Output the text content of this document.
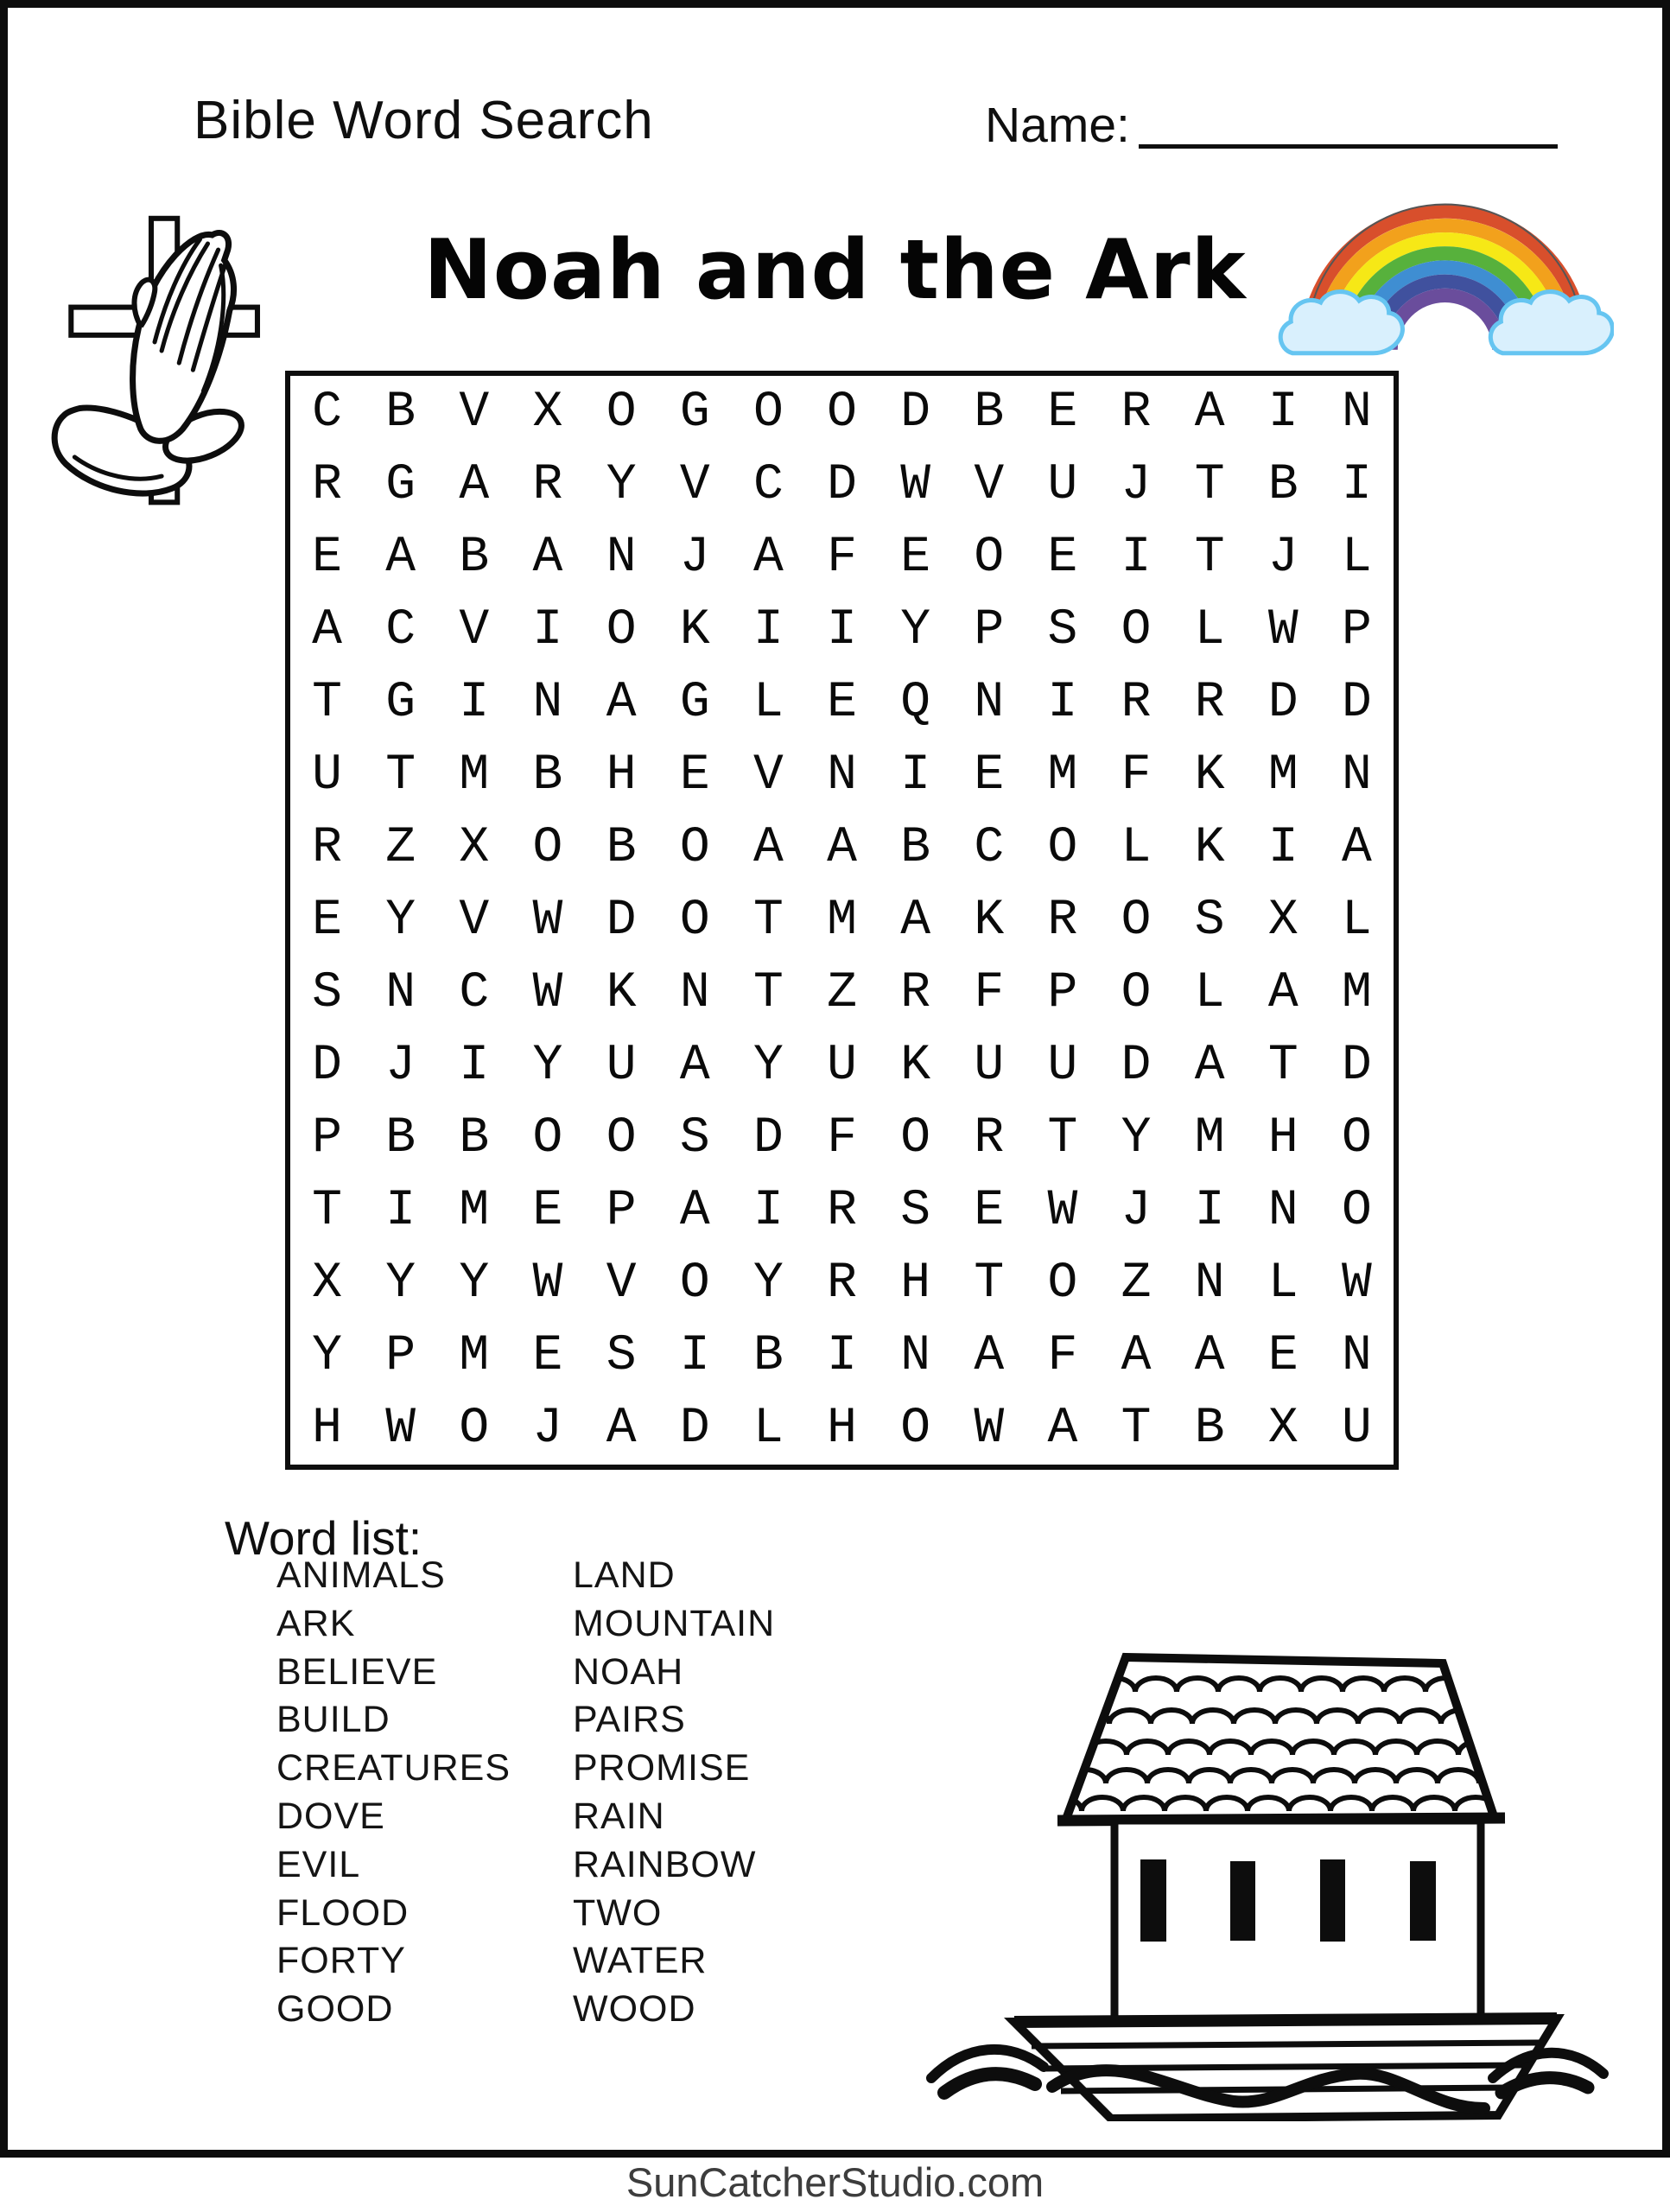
Bible Word Search	Name:
Noah and the Ark
C B V X O G O O D B E R A I N
R G A R Y V C D W V U J T B I
E A B A N J A F E O E I T J L
A C V I O K I I Y P S O L W P
T G I N A G L E Q N I R R D D
U T M B H E V N I E M F K M N
R Z X O B O A A B C O L K I A
E Y V W D O T M A K R O S X L
S N C W K N T Z R F P O L A M
D J I Y U A Y U K U U D A T D
P B B O O S D F O R T Y M H O
T I M E P A I R S E W J I N O
X Y Y W V O Y R H T O Z N L W
Y P M E S I B I N A F A A E N
H W O J A D L H O W A T B X U
Word list:
ANIMALS
ARK
BELIEVE
BUILD
CREATURES
DOVE
EVIL
FLOOD
FORTY
GOOD
LAND
MOUNTAIN
NOAH
PAIRS
PROMISE
RAIN
RAINBOW
TWO
WATER
WOOD
SunCatcherStudio.com
